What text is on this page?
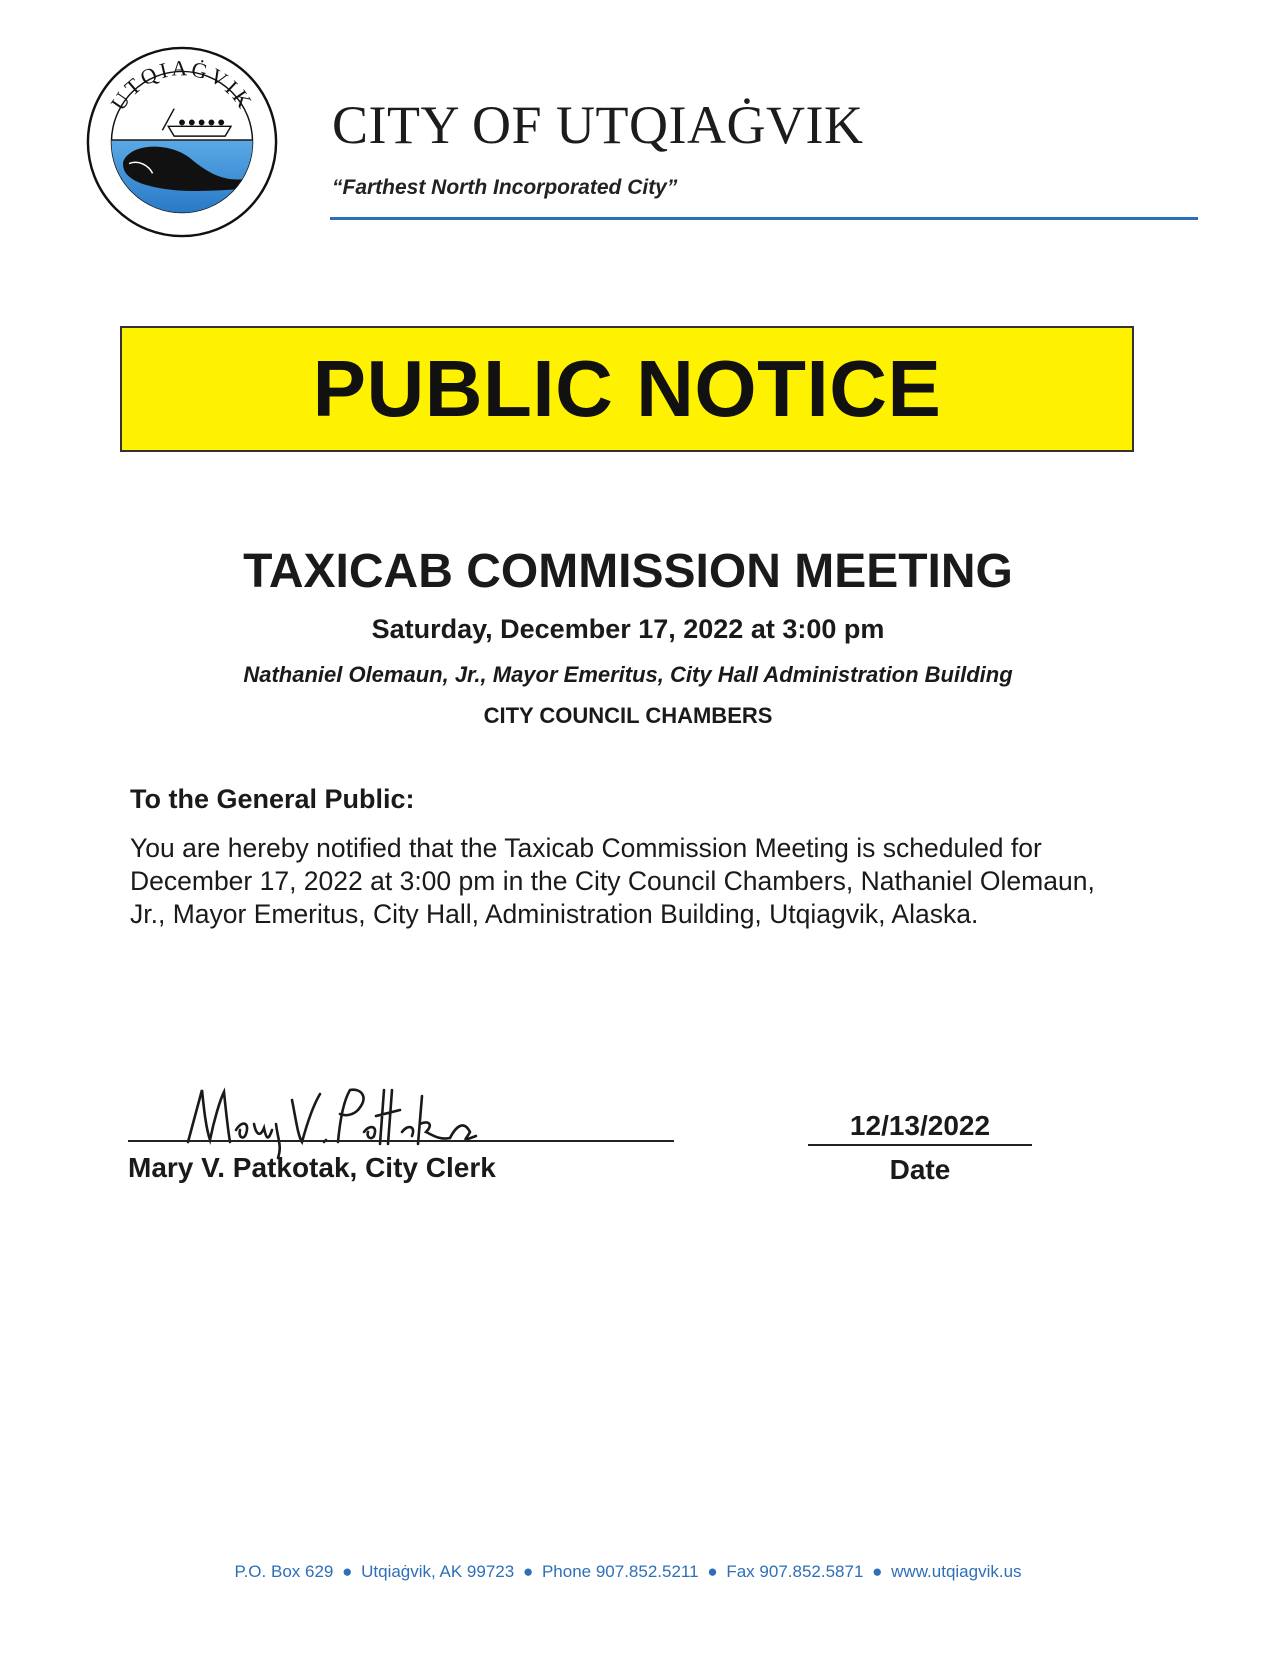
UTQIAĠVIK CITY OF UTQIAĠVIK
“Farthest North Incorporated City”
PUBLIC NOTICE
TAXICAB COMMISSION MEETING
Saturday, December 17, 2022 at 3:00 pm
Nathaniel Olemaun, Jr., Mayor Emeritus, City Hall Administration Building
CITY COUNCIL CHAMBERS
To the General Public:
You are hereby notified that the Taxicab Commission Meeting is scheduled for December 17, 2022 at 3:00 pm in the City Council Chambers, Nathaniel Olemaun, Jr., Mayor Emeritus, City Hall, Administration Building, Utqiagvik, Alaska.
Mary V. Patkotak, City Clerk
12/13/2022
Date
P.O. Box 629 ● Utqiaġvik, AK 99723 ● Phone 907.852.5211 ● Fax 907.852.5871 ● www.utqiagvik.us
